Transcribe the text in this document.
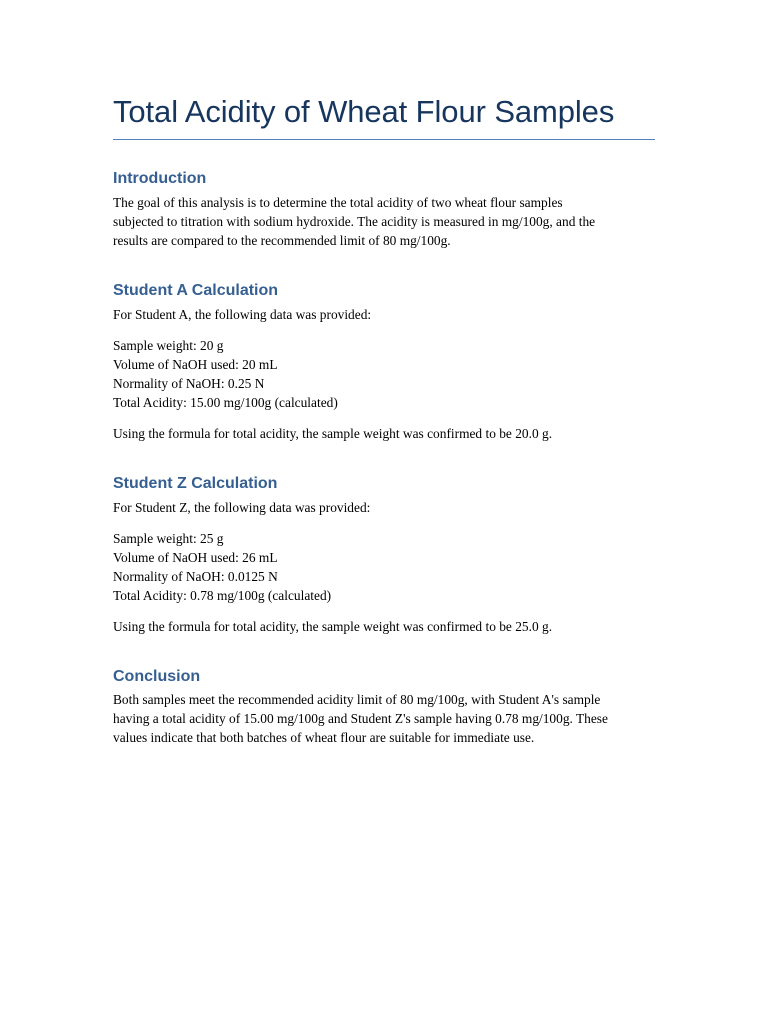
Total Acidity of Wheat Flour Samples
Introduction

The goal of this analysis is to determine the total acidity of two wheat flour samples

subjected to titration with sodium hydroxide. The acidity is measured in mg/100g, and the

results are compared to the recommended limit of 80 mg/100g.

Student A Calculation

For Student A, the following data was provided:

Sample weight: 20 g

Volume of NaOH used: 20 mL

Normality of NaOH: 0.25 N

Total Acidity: 15.00 mg/100g (calculated)

Using the formula for total acidity, the sample weight was confirmed to be 20.0 g.

Student Z Calculation

For Student Z, the following data was provided:

Sample weight: 25 g

Volume of NaOH used: 26 mL

Normality of NaOH: 0.0125 N

Total Acidity: 0.78 mg/100g (calculated)

Using the formula for total acidity, the sample weight was confirmed to be 25.0 g.

Conclusion

Both samples meet the recommended acidity limit of 80 mg/100g, with Student A's sample

having a total acidity of 15.00 mg/100g and Student Z's sample having 0.78 mg/100g. These

values indicate that both batches of wheat flour are suitable for immediate use.
